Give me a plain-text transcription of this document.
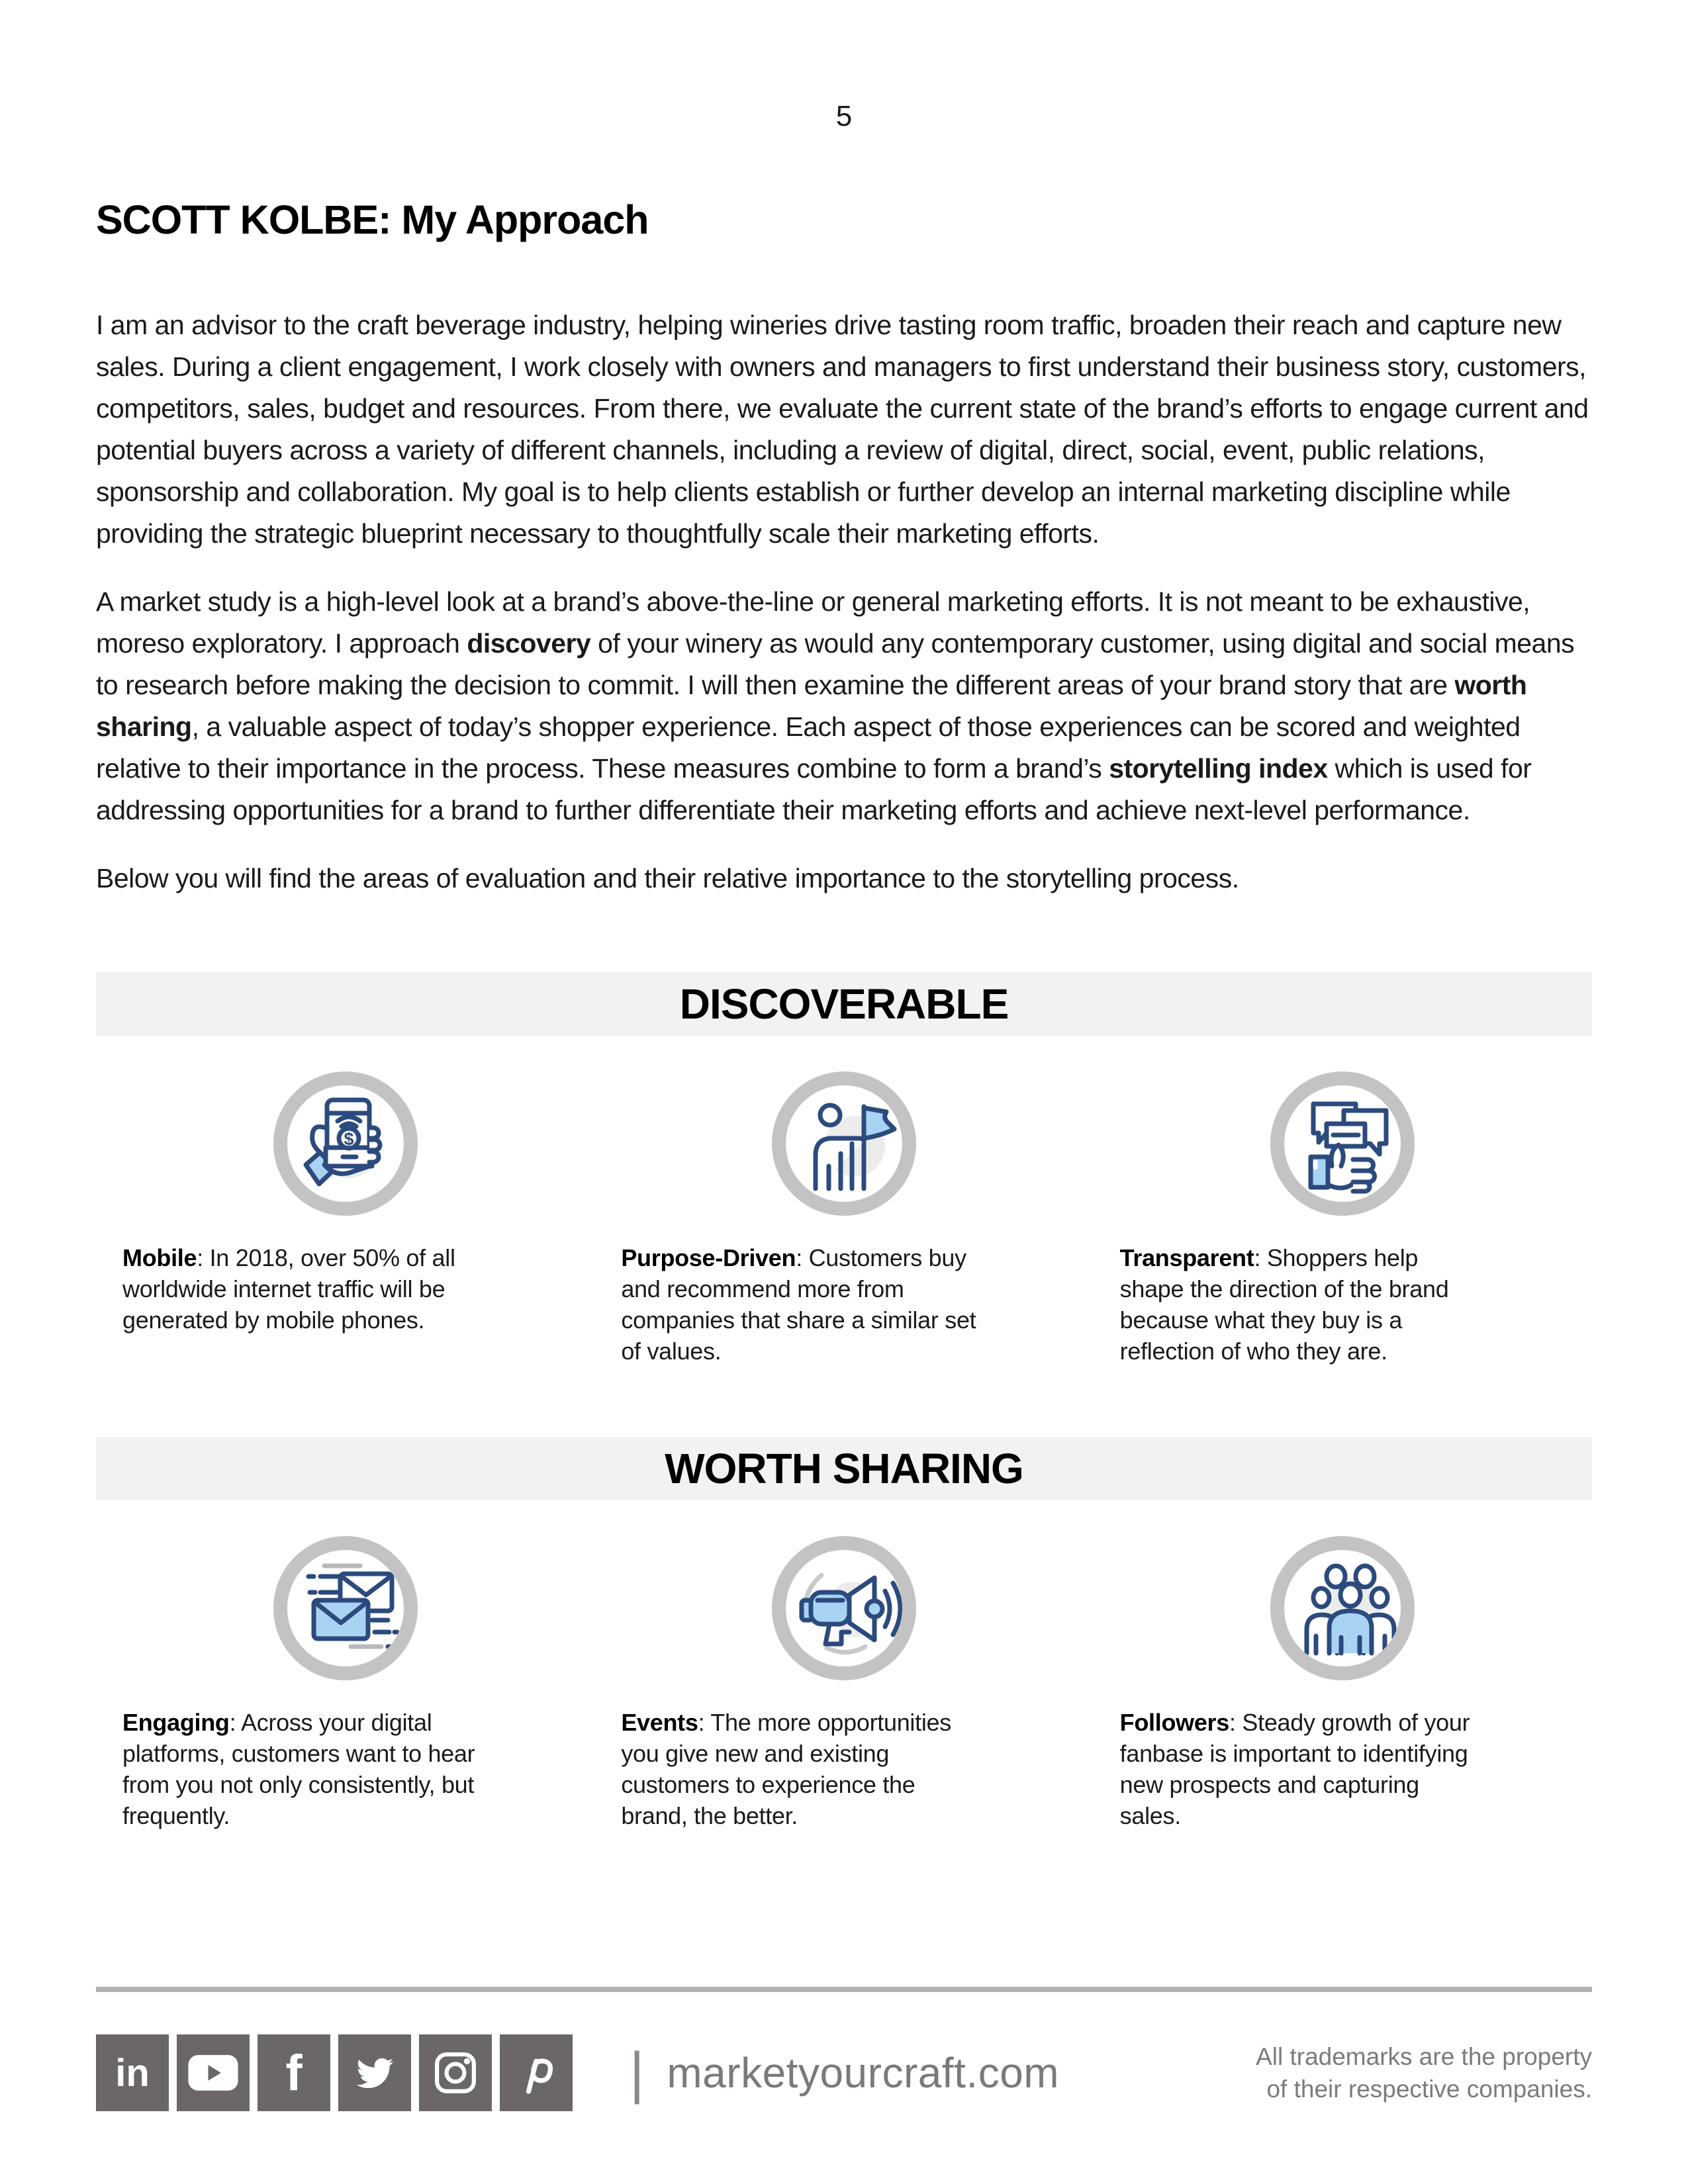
5
SCOTT KOLBE: My Approach

I am an advisor to the craft beverage industry, helping wineries drive tasting room traffic, broaden their reach and capture new sales. During a client engagement, I work closely with owners and managers to first understand their business story, customers, competitors, sales, budget and resources. From there, we evaluate the current state of the brand’s efforts to engage current and potential buyers across a variety of different channels, including a review of digital, direct, social, event, public relations, sponsorship and collaboration. My goal is to help clients establish or further develop an internal marketing discipline while providing the strategic blueprint necessary to thoughtfully scale their marketing efforts.

A market study is a high-level look at a brand’s above-the-line or general marketing efforts. It is not meant to be exhaustive, moreso exploratory. I approach discovery of your winery as would any contemporary customer, using digital and social means to research before making the decision to commit. I will then examine the different areas of your brand story that are worth sharing, a valuable aspect of today’s shopper experience. Each aspect of those experiences can be scored and weighted relative to their importance in the process. These measures combine to form a brand’s storytelling index which is used for addressing opportunities for a brand to further differentiate their marketing efforts and achieve next-level performance.

Below you will find the areas of evaluation and their relative importance to the storytelling process.

DISCOVERABLE
$
Mobile: In 2018, over 50% of all worldwide internet traffic will be generated by mobile phones.
Purpose-Driven: Customers buy and recommend more from companies that share a similar set of values.
Transparent: Shoppers help shape the direction of the brand because what they buy is a reflection of who they are.
WORTH SHARING
Engaging: Across your digital platforms, customers want to hear from you not only consistently, but frequently.
Events: The more opportunities you give new and existing customers to experience the brand, the better.
Followers: Steady growth of your fanbase is important to identifying new prospects and capturing sales.
in	f	| marketyourcraft.com	All trademarks are the property
of their respective companies.
